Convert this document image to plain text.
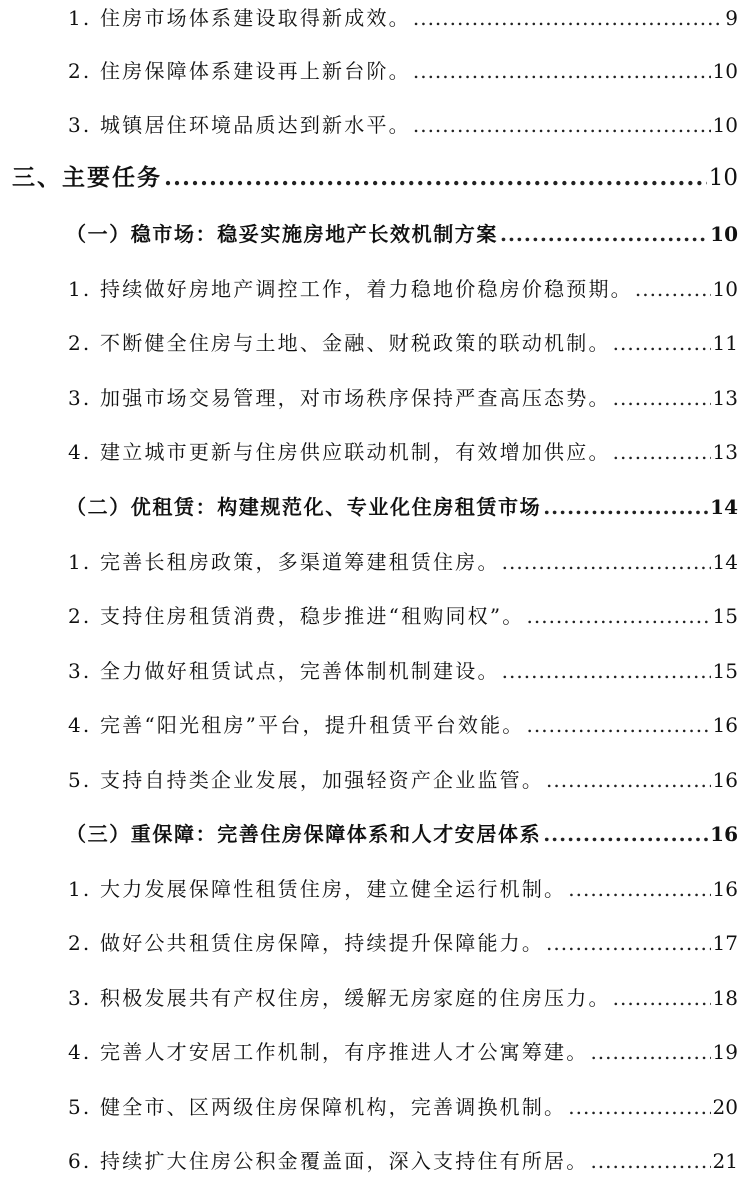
1. 住房市场体系建设取得新成效。 .....	9
2. 住房保障体系建设再上新台阶。 .....	10
3. 城镇居住环境品质达到新水平。 .....	10
三、主要任务 .....	10
（一）稳市场：稳妥实施房地产长效机制方案 .....	10
1. 持续做好房地产调控工作，着力稳地价稳房价稳预期。 .....	10
2. 不断健全住房与土地、金融、财税政策的联动机制。 .....	11
3. 加强市场交易管理，对市场秩序保持严查高压态势。 .....	13
4. 建立城市更新与住房供应联动机制，有效增加供应。 .....	13
（二）优租赁：构建规范化、专业化住房租赁市场 .....	14
1. 完善长租房政策，多渠道筹建租赁住房。 .....	14
2. 支持住房租赁消费，稳步推进“租购同权”。 .....	15
3. 全力做好租赁试点，完善体制机制建设。 .....	15
4. 完善“阳光租房”平台，提升租赁平台效能。 .....	16
5. 支持自持类企业发展，加强轻资产企业监管。 .....	16
（三）重保障：完善住房保障体系和人才安居体系 .....	16
1. 大力发展保障性租赁住房，建立健全运行机制。 .....	16
2. 做好公共租赁住房保障，持续提升保障能力。 .....	17
3. 积极发展共有产权住房，缓解无房家庭的住房压力。 .....	18
4. 完善人才安居工作机制，有序推进人才公寓筹建。 .....	19
5. 健全市、区两级住房保障机构，完善调换机制。 .....	20
6. 持续扩大住房公积金覆盖面，深入支持住有所居。 .....	21
